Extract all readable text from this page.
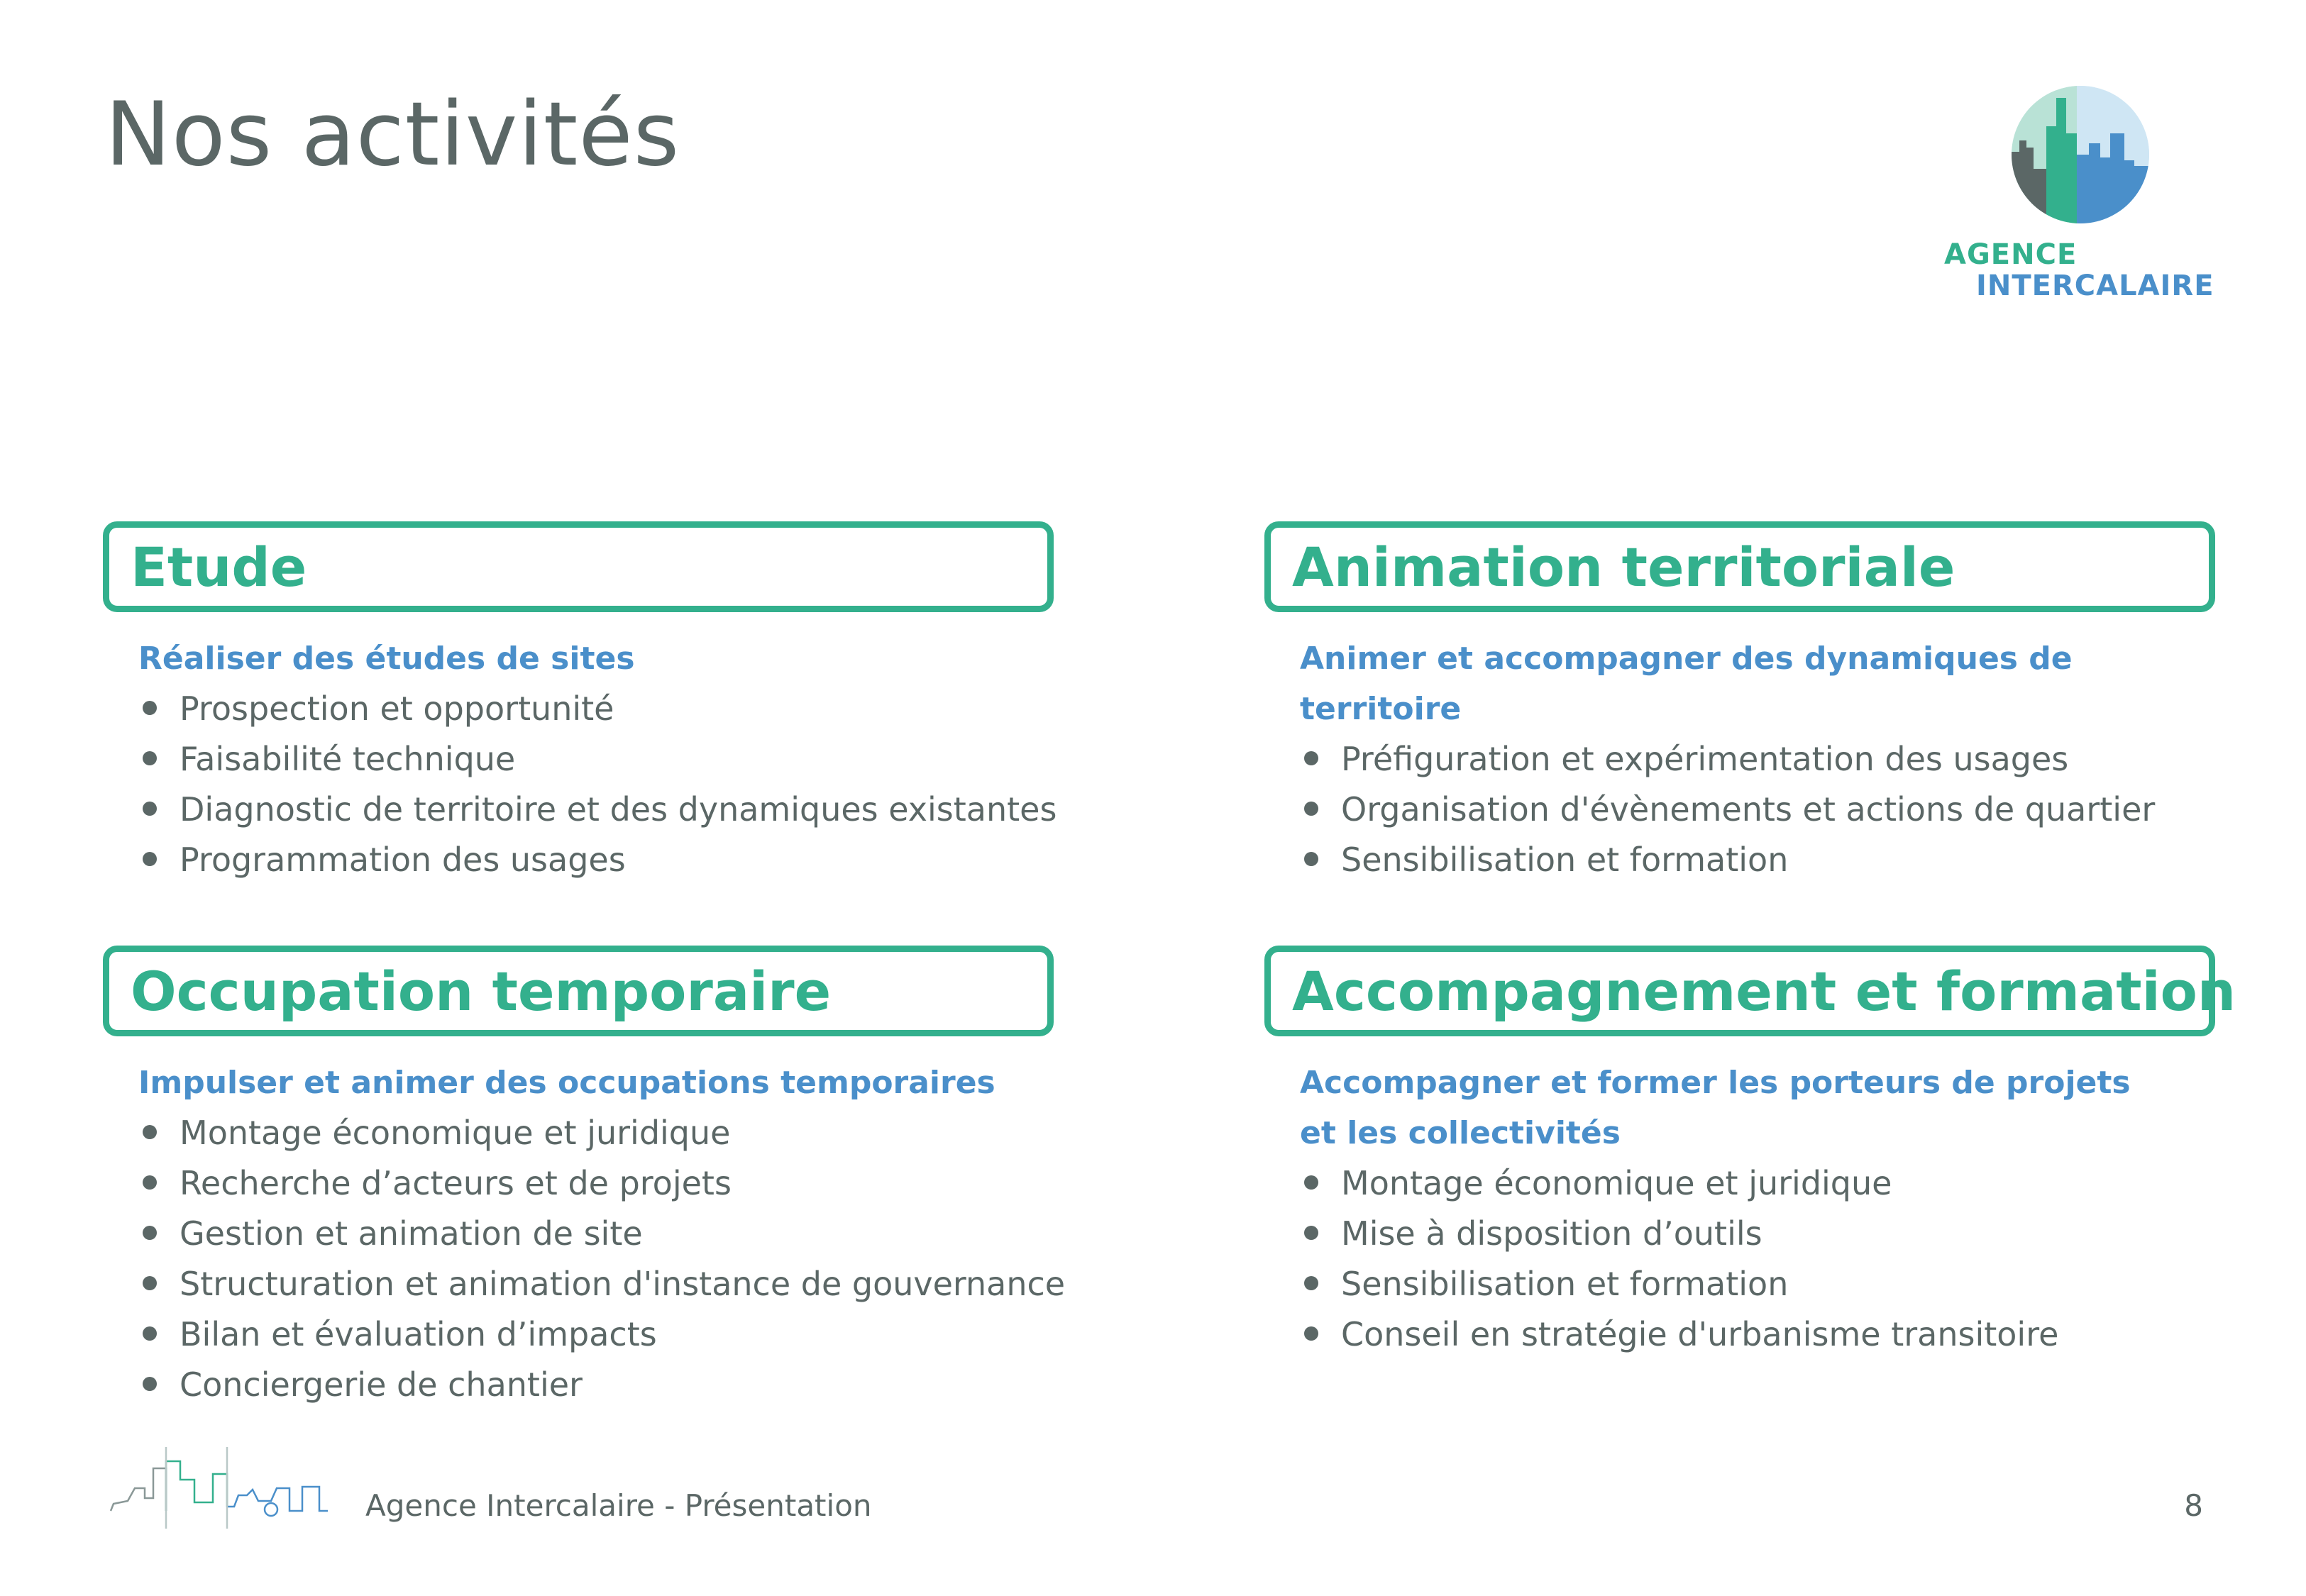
Nos activités
AGENCE
INTERCALAIRE
Etude
Réaliser des études de sites
Prospection et opportunité
Faisabilité technique
Diagnostic de territoire et des dynamiques existantes
Programmation des usages
Animation territoriale
Animer et accompagner des dynamiques de territoire
Préfiguration et expérimentation des usages
Organisation d'évènements et actions de quartier
Sensibilisation et formation
Occupation temporaire
Impulser et animer des occupations temporaires
Montage économique et juridique
Recherche d’acteurs et de projets
Gestion et animation de site
Structuration et animation d'instance de gouvernance
Bilan et évaluation d’impacts
Conciergerie de chantier
Accompagnement et formation
Accompagner et former les porteurs de projets et les collectivités
Montage économique et juridique
Mise à disposition d’outils
Sensibilisation et formation
Conseil en stratégie d'urbanisme transitoire
Agence Intercalaire - Présentation	8
